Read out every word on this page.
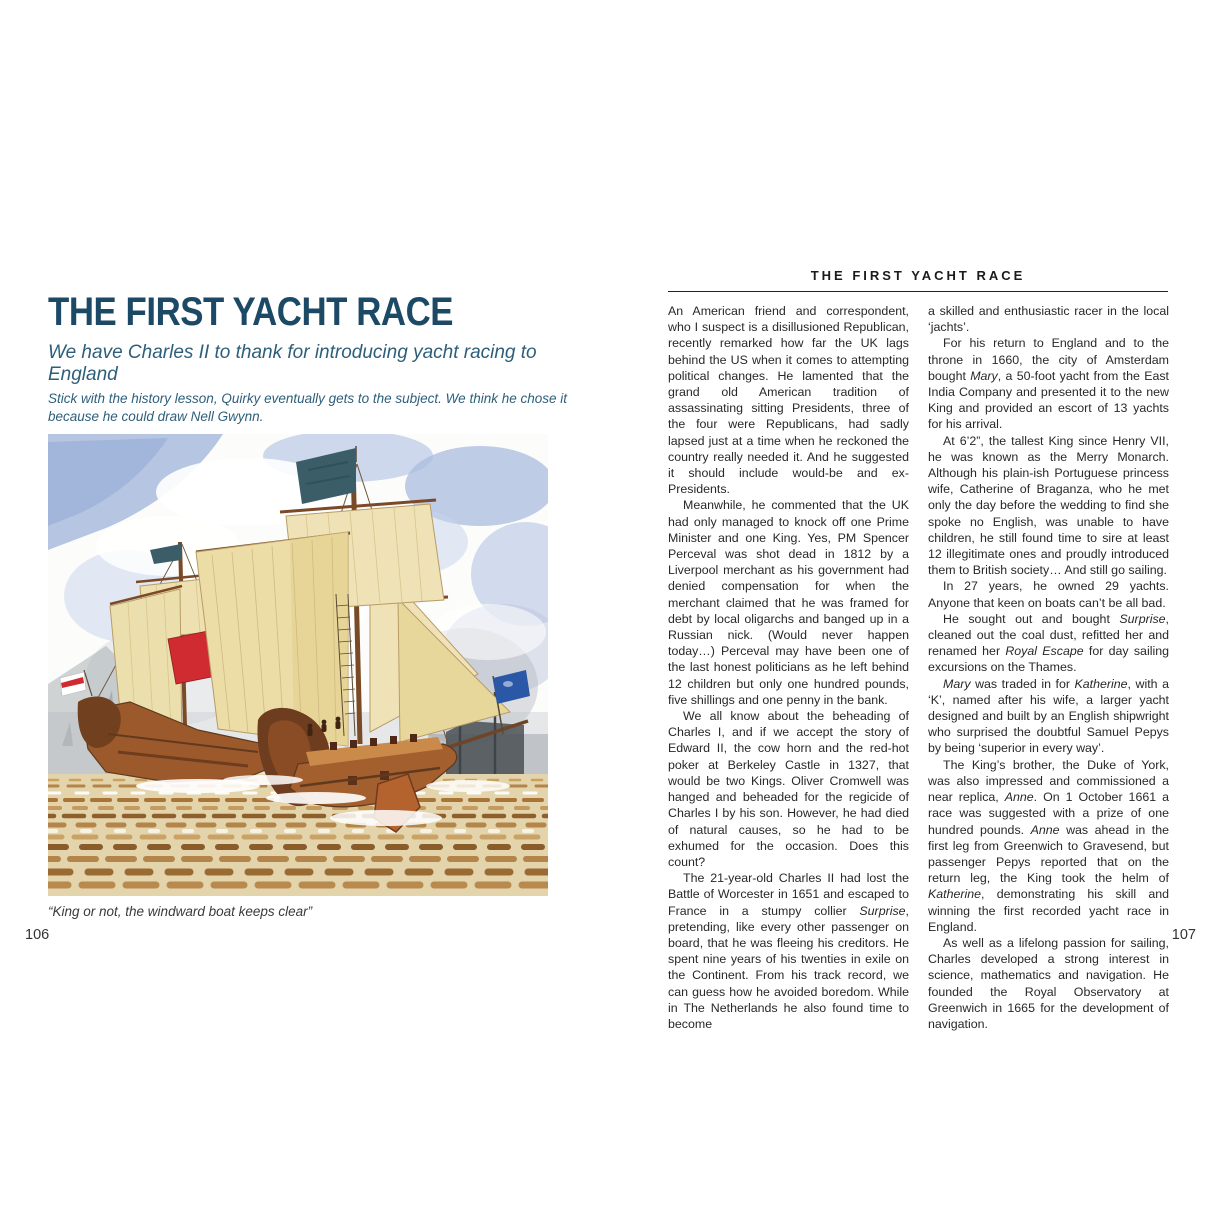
THE FIRST YACHT RACE
We have Charles II to thank for introducing yacht racing to England
Stick with the history lesson, Quirky eventually gets to the subject. We think he chose it because he could draw Nell Gwynn.
“King or not, the windward boat keeps clear”
106
THE FIRST YACHT RACE

An American friend and correspondent, who I suspect is a disillusioned Republican, recently remarked how far the UK lags behind the US when it comes to attempting political changes. He lamented that the grand old American tradition of assassinating sitting Presidents, three of the four were Republicans, had sadly lapsed just at a time when he reckoned the country really needed it. And he suggested it should include would-be and ex-Presidents.

Meanwhile, he commented that the UK had only managed to knock off one Prime Minister and one King. Yes, PM Spencer Perceval was shot dead in 1812 by a Liverpool merchant as his government had denied compensation for when the merchant claimed that he was framed for debt by local oligarchs and banged up in a Russian nick. (Would never happen today…) Perceval may have been one of the last honest politicians as he left behind 12 children but only one hundred pounds, five shillings and one penny in the bank.

We all know about the beheading of Charles I, and if we accept the story of Edward II, the cow horn and the red-hot poker at Berkeley Castle in 1327, that would be two Kings. Oliver Cromwell was hanged and beheaded for the regicide of Charles I by his son. However, he had died of natural causes, so he had to be exhumed for the occasion. Does this count?

The 21-year-old Charles II had lost the Battle of Worcester in 1651 and escaped to France in a stumpy collier Surprise, pretending, like every other passenger on board, that he was fleeing his creditors. He spent nine years of his twenties in exile on the Continent. From his track record, we can guess how he avoided boredom. While in The Netherlands he also found time to become

a skilled and enthusiastic racer in the local ‘jachts’.

For his return to England and to the throne in 1660, the city of Amsterdam bought Mary, a 50-foot yacht from the East India Company and presented it to the new King and provided an escort of 13 yachts for his arrival.

At 6’2”, the tallest King since Henry VII, he was known as the Merry Monarch. Although his plain-ish Portuguese princess wife, Catherine of Braganza, who he met only the day before the wedding to find she spoke no English, was unable to have children, he still found time to sire at least 12 illegitimate ones and proudly introduced them to British society… And still go sailing.

In 27 years, he owned 29 yachts. Anyone that keen on boats can’t be all bad.

He sought out and bought Surprise, cleaned out the coal dust, refitted her and renamed her Royal Escape for day sailing excursions on the Thames.

Mary was traded in for Katherine, with a ‘K’, named after his wife, a larger yacht designed and built by an English shipwright who surprised the doubtful Samuel Pepys by being ‘superior in every way’.

The King’s brother, the Duke of York, was also impressed and commissioned a near replica, Anne. On 1 October 1661 a race was suggested with a prize of one hundred pounds. Anne was ahead in the first leg from Greenwich to Gravesend, but passenger Pepys reported that on the return leg, the King took the helm of Katherine, demonstrating his skill and winning the first recorded yacht race in England.

As well as a lifelong passion for sailing, Charles developed a strong interest in science, mathematics and navigation. He founded the Royal Observatory at Greenwich in 1665 for the development of navigation.

107
